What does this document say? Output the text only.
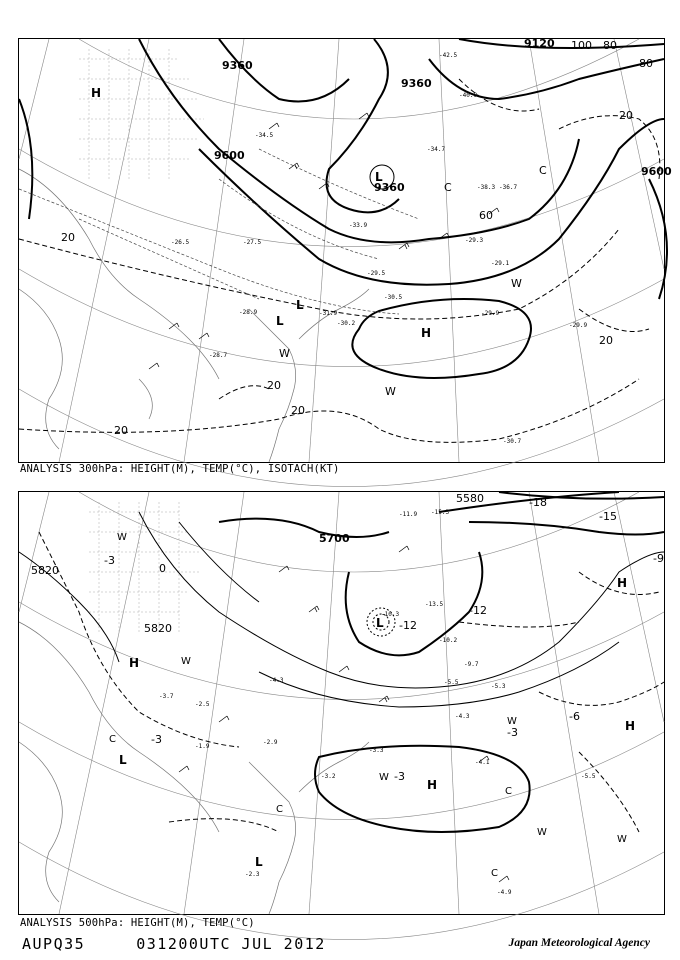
9360
9120
9360
9600
9360
9600
100 80
60
80
20
20
20
20
20
20
H
L
H
L
L
C
C
W
W
W
-42.5
-40.9
-34.5
-34.7
-38.3 -36.7
-33.9
-29.3
-29.5
-29.1
-30.5
-29.9
-30.7
-28.7
-28.9	-31.9
-30.2	-29.9
-27.5
-26.5
ANALYSIS 300hPa: HEIGHT(M), TEMP(°C), ISOTACH(KT)
5580
5700
5820
5820
-18
-15
-9
-12
-12
-3
0
-3
-6
-3
-3
H
H
H
L
H
L
L
W
W
W
W
W
W
C
C
C
C
-11.9 -15.3
-13.5
-10.3
-10.2
-9.7
-5.5
-5.3
-4.3
-4.1
-3.2
-3.3
-4.9
-5.5
-2.9
-3.7
-2.5
-4.3
-2.3
-1.9
ANALYSIS 500hPa: HEIGHT(M), TEMP(°C)
AUPQ35	031200UTC JUL 2012	Japan Meteorological Agency
